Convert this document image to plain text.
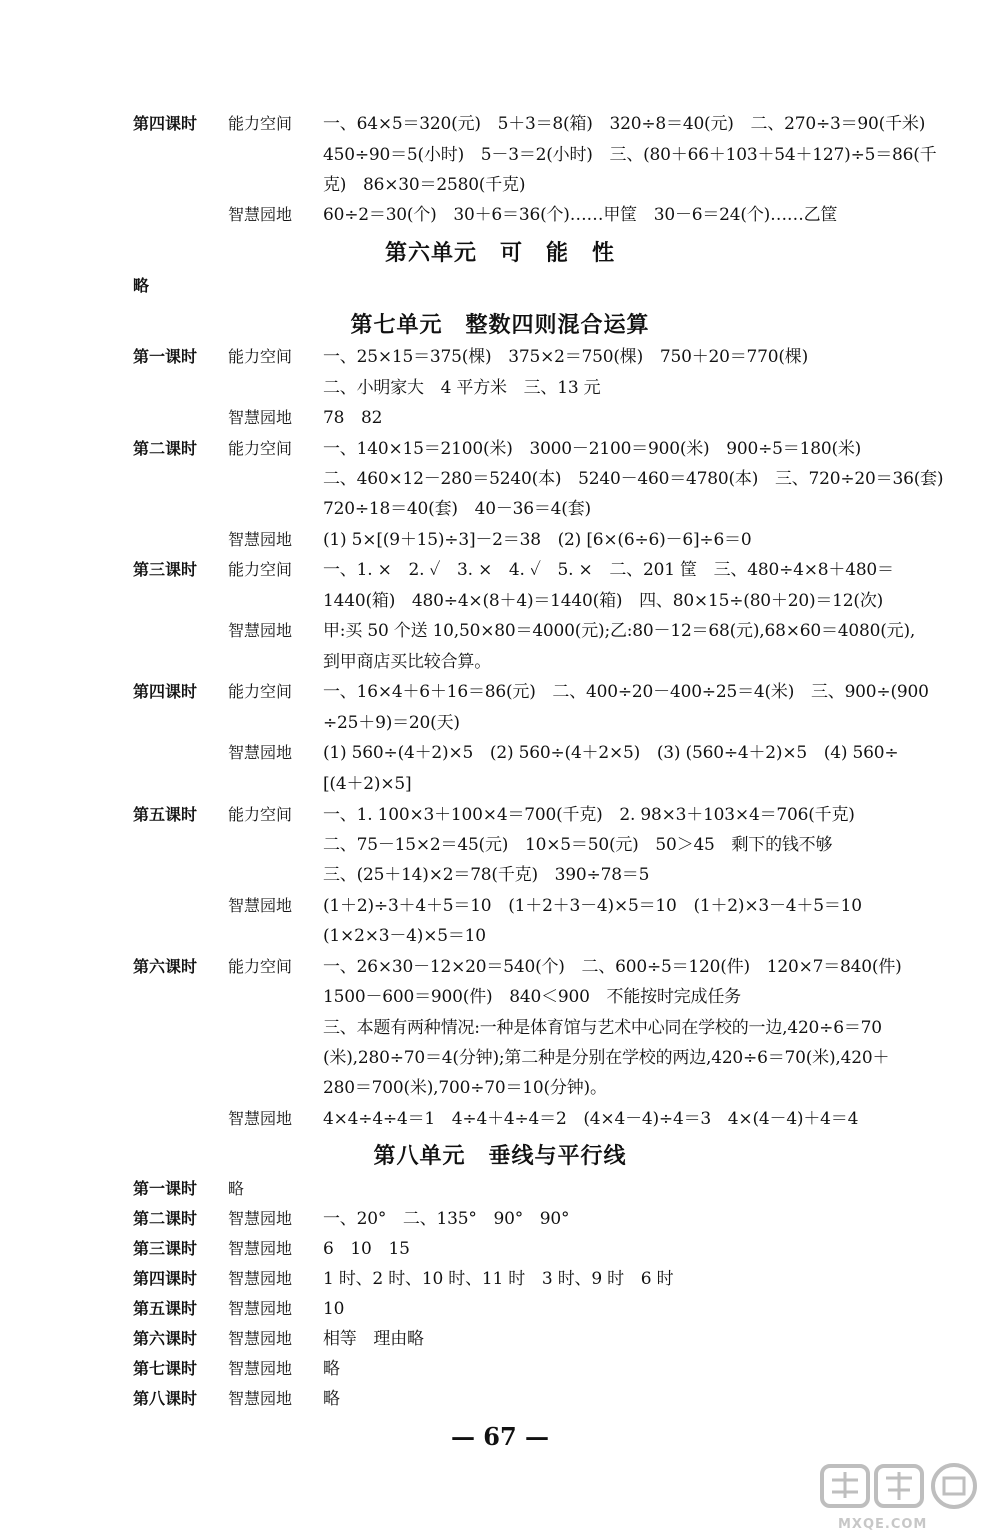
第四课时 能力空间 一、64×5＝320(元)　5＋3＝8(箱)　320÷8＝40(元)　二、270÷3＝90(千米)
450÷90＝5(小时)　5－3＝2(小时)　三、(80＋66＋103＋54＋127)÷5＝86(千
克)　86×30＝2580(千克)
智慧园地 60÷2＝30(个)　30＋6＝36(个)……甲筐　30－6＝24(个)……乙筐
第六单元　可　能　性
略
第七单元　整数四则混合运算
第一课时 能力空间 一、25×15＝375(棵)　375×2＝750(棵)　750＋20＝770(棵)
二、小明家大　4 平方米　三、13 元
智慧园地 78　82
第二课时 能力空间 一、140×15＝2100(米)　3000－2100＝900(米)　900÷5＝180(米)
二、460×12－280＝5240(本)　5240－460＝4780(本)　三、720÷20＝36(套)
720÷18＝40(套)　40－36＝4(套)
智慧园地 (1) 5×[(9＋15)÷3]－2＝38　(2) [6×(6÷6)－6]÷6＝0
第三课时 能力空间 一、1. ×　2. ✓　3. ×　4. ✓　5. ×　二、201 筐　三、480÷4×8＋480＝
1440(箱)　480÷4×(8＋4)＝1440(箱)　四、80×15÷(80＋20)＝12(次)
智慧园地 甲:买 50 个送 10,50×80＝4000(元);乙:80－12＝68(元),68×60＝4080(元),
到甲商店买比较合算。
第四课时 能力空间 一、16×4＋6＋16＝86(元)　二、400÷20－400÷25＝4(米)　三、900÷(900
÷25＋9)＝20(天)
智慧园地 (1) 560÷(4＋2)×5　(2) 560÷(4＋2×5)　(3) (560÷4＋2)×5　(4) 560÷
[(4＋2)×5]
第五课时 能力空间 一、1. 100×3＋100×4＝700(千克)　2. 98×3＋103×4＝706(千克)
二、75－15×2＝45(元)　10×5＝50(元)　50＞45　剩下的钱不够
三、(25＋14)×2＝78(千克)　390÷78＝5
智慧园地 (1＋2)÷3＋4＋5＝10　(1＋2＋3－4)×5＝10　(1＋2)×3－4＋5＝10
(1×2×3－4)×5＝10
第六课时 能力空间 一、26×30－12×20＝540(个)　二、600÷5＝120(件)　120×7＝840(件)
1500－600＝900(件)　840＜900　不能按时完成任务
三、本题有两种情况:一种是体育馆与艺术中心同在学校的一边,420÷6＝70
(米),280÷70＝4(分钟);第二种是分别在学校的两边,420÷6＝70(米),420＋
280＝700(米),700÷70＝10(分钟)。
智慧园地 4×4÷4÷4＝1　4÷4＋4÷4＝2　(4×4－4)÷4＝3　4×(4－4)＋4＝4
第八单元　垂线与平行线
第一课时 略
第二课时 智慧园地 一、20°　二、135°　90°　90°
第三课时 智慧园地 6　10　15
第四课时 智慧园地 1 时、2 时、10 时、11 时　3 时、9 时　6 时
第五课时 智慧园地 10
第六课时 智慧园地 相等　理由略
第七课时 智慧园地 略
第八课时 智慧园地 略
— 67 —
MXQE.COM
